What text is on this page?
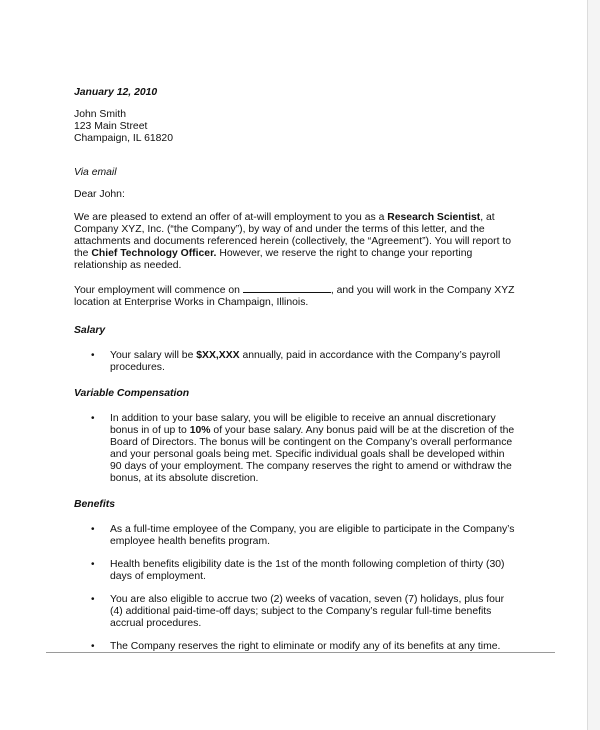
January 12, 2010
John Smith
123 Main Street
Champaign, IL 61820
Via email
Dear John:
We are pleased to extend an offer of at-will employment to you as a Research Scientist, at Company XYZ, Inc. (“the Company”), by way of and under the terms of this letter, and the attachments and documents referenced herein (collectively, the “Agreement”). You will report to the Chief Technology Officer. However, we reserve the right to change your reporting relationship as needed.
Your employment will commence on	, and you will work in the Company XYZ location at Enterprise Works in Champaign, Illinois.
Salary
• Your salary will be $XX,XXX annually, paid in accordance with the Company’s payroll procedures.
Variable Compensation
• In addition to your base salary, you will be eligible to receive an annual discretionary bonus in of up to 10% of your base salary. Any bonus paid will be at the discretion of the Board of Directors. The bonus will be contingent on the Company’s overall performance and your personal goals being met. Specific individual goals shall be developed within 90 days of your employment. The company reserves the right to amend or withdraw the bonus, at its absolute discretion.
Benefits
• As a full-time employee of the Company, you are eligible to participate in the Company’s employee health benefits program.
• Health benefits eligibility date is the 1st of the month following completion of thirty (30) days of employment.
• You are also eligible to accrue two (2) weeks of vacation, seven (7) holidays, plus four (4) additional paid-time-off days; subject to the Company’s regular full-time benefits accrual procedures.
• The Company reserves the right to eliminate or modify any of its benefits at any time.
